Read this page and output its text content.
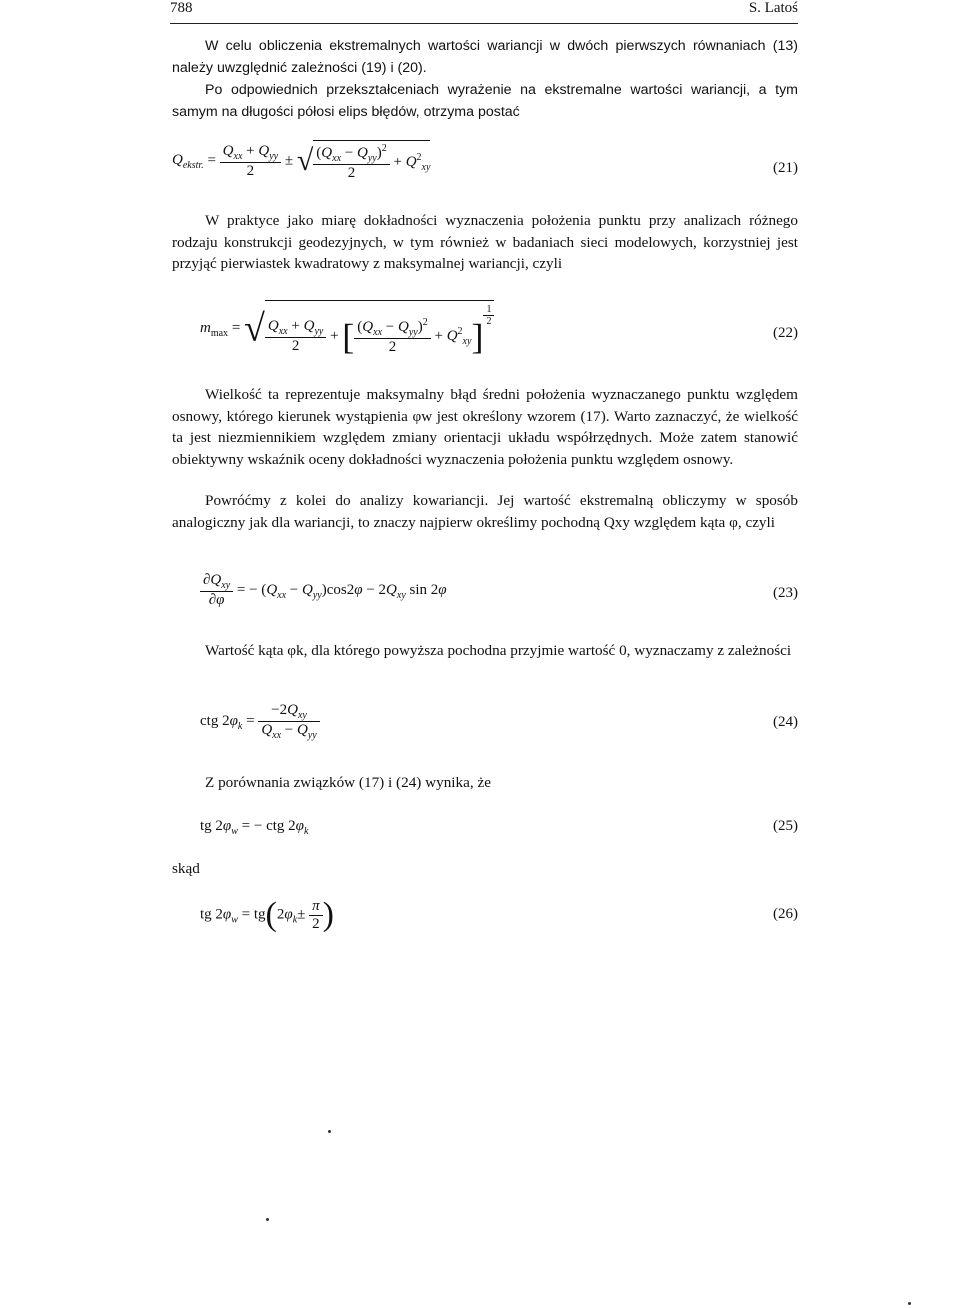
788	S. Latoś

W celu obliczenia ekstremalnych wartości wariancji w dwóch pierwszych równaniach (13) należy uwzględnić zależności (19) i (20).

Po odpowiednich przekształceniach wyrażenie na ekstremalne wartości wariancji, a tym samym na długości półosi elips błędów, otrzyma postać

$Q_{ekstr.} = \frac{Q_{xx} + Q_{yy}}{2}$ ± √ $\frac{(Q_{xx} - Q_{yy})^2}{2} + Q^2_{xy}$	(21)

W praktyce jako miarę dokładności wyznaczenia położenia punktu przy analizach różnego rodzaju konstrukcji geodezyjnych, w tym również w badaniach sieci modelowych, korzystniej jest przyjąć pierwiastek kwadratowy z maksymalnej wariancji, czyli

$m_{max}$ = √ $\frac{Q_{xx} + Q_{yy}}{2}$ + [ $\frac{(Q_{xx} - Q_{yy})^2}{2} + Q^2_{xy}$]
$^{\frac{1}{2}}$
(22)

Wielkość ta reprezentuje maksymalny błąd średni położenia wyznaczanego punktu względem osnowy, którego kierunek wystąpienia φw jest określony wzorem (17). Warto zaznaczyć, że wielkość ta jest niezmiennikiem względem zmiany orientacji układu współrzędnych. Może zatem stanowić obiektywny wskaźnik oceny dokładności wyznaczenia położenia punktu względem osnowy.

Powróćmy z kolei do analizy kowariancji. Jej wartość ekstremalną obliczymy w sposób analogiczny jak dla wariancji, to znaczy najpierw określimy pochodną Qxy względem kąta φ, czyli

$\frac{\partial Q_{xy}}{\partial\varphi}$ = − $(Q_{xx} - Q_{yy})\cos 2\varphi - 2Q_{xy}$ sin 2φ	(23)

Wartość kąta φk, dla którego powyższa pochodna przyjmie wartość 0, wyznaczamy z zależności

ctg $2\varphi_k = \frac{-2Q_{xy}}{Q_{xx} - Q_{yy}}$	(24)

Z porównania związków (17) i (24) wynika, że

tg $2\varphi_w$ = − ctg $2\varphi_k$	(25)

skąd

tg $2\varphi_w = tg(2\varphi_k\pm \frac{\pi}{2}$ )	(26)
